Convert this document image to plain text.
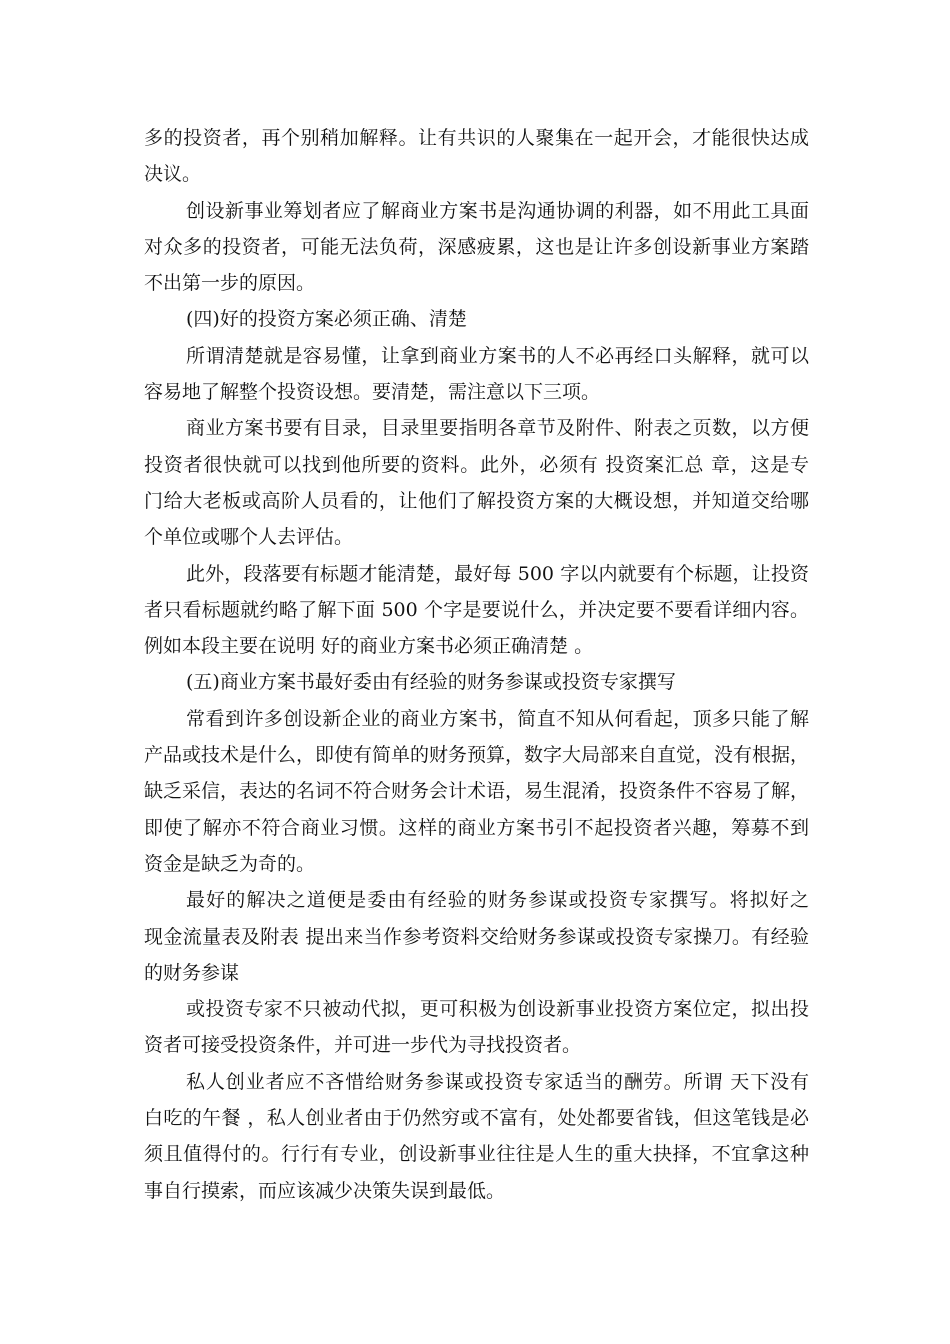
多的投资者，再个别稍加解释。让有共识的人聚集在一起开会，才能很快达成
决议。
创设新事业筹划者应了解商业方案书是沟通协调的利器，如不用此工具面
对众多的投资者，可能无法负荷，深感疲累，这也是让许多创设新事业方案踏
不出第一步的原因。
(四)好的投资方案必须正确、清楚
所谓清楚就是容易懂，让拿到商业方案书的人不必再经口头解释，就可以
容易地了解整个投资设想。要清楚，需注意以下三项。
商业方案书要有目录，目录里要指明各章节及附件、附表之页数，以方便
投资者很快就可以找到他所要的资料。此外，必须有 投资案汇总 章，这是专
门给大老板或高阶人员看的，让他们了解投资方案的大概设想，并知道交给哪
个单位或哪个人去评估。
此外，段落要有标题才能清楚，最好每 500 字以内就要有个标题，让投资
者只看标题就约略了解下面 500 个字是要说什么，并决定要不要看详细内容。
例如本段主要在说明 好的商业方案书必须正确清楚 。
(五)商业方案书最好委由有经验的财务参谋或投资专家撰写
常看到许多创设新企业的商业方案书，简直不知从何看起，顶多只能了解
产品或技术是什么，即使有简单的财务预算，数字大局部来自直觉，没有根据，
缺乏采信，表达的名词不符合财务会计术语，易生混淆，投资条件不容易了解，
即使了解亦不符合商业习惯。这样的商业方案书引不起投资者兴趣，筹募不到
资金是缺乏为奇的。
最好的解决之道便是委由有经验的财务参谋或投资专家撰写。将拟好之
现金流量表及附表 提出来当作参考资料交给财务参谋或投资专家操刀。有经验
的财务参谋
或投资专家不只被动代拟，更可积极为创设新事业投资方案位定，拟出投
资者可接受投资条件，并可进一步代为寻找投资者。
私人创业者应不吝惜给财务参谋或投资专家适当的酬劳。所谓 天下没有
白吃的午餐 ，私人创业者由于仍然穷或不富有，处处都要省钱，但这笔钱是必
须且值得付的。行行有专业，创设新事业往往是人生的重大抉择，不宜拿这种
事自行摸索，而应该减少决策失误到最低。
